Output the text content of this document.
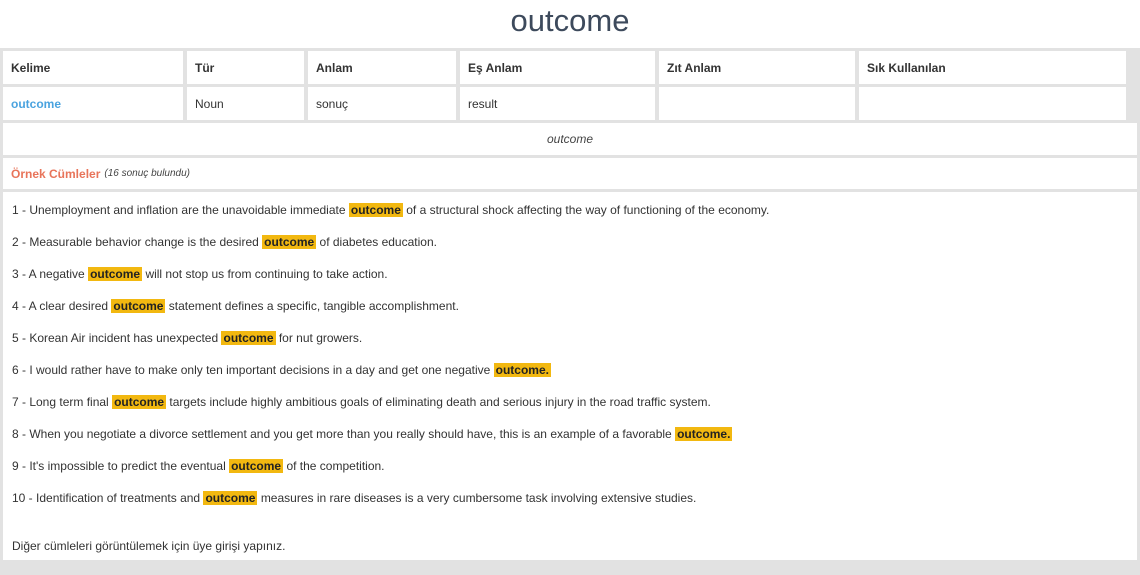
outcome
Kelime	Tür	Anlam	Eş Anlam	Zıt Anlam	Sık Kullanılan
outcome	Noun	sonuç	result
outcome
Örnek Cümleler (16 sonuç bulundu)
1 - Unemployment and inflation are the unavoidable immediate outcome of a structural shock affecting the way of functioning of the economy.
2 - Measurable behavior change is the desired outcome of diabetes education.
3 - A negative outcome will not stop us from continuing to take action.
4 - A clear desired outcome statement defines a specific, tangible accomplishment.
5 - Korean Air incident has unexpected outcome for nut growers.
6 - I would rather have to make only ten important decisions in a day and get one negative outcome.
7 - Long term final outcome targets include highly ambitious goals of eliminating death and serious injury in the road traffic system.
8 - When you negotiate a divorce settlement and you get more than you really should have, this is an example of a favorable outcome.
9 - It's impossible to predict the eventual outcome of the competition.
10 - Identification of treatments and outcome measures in rare diseases is a very cumbersome task involving extensive studies.
Diğer cümleleri görüntülemek için üye girişi yapınız.
